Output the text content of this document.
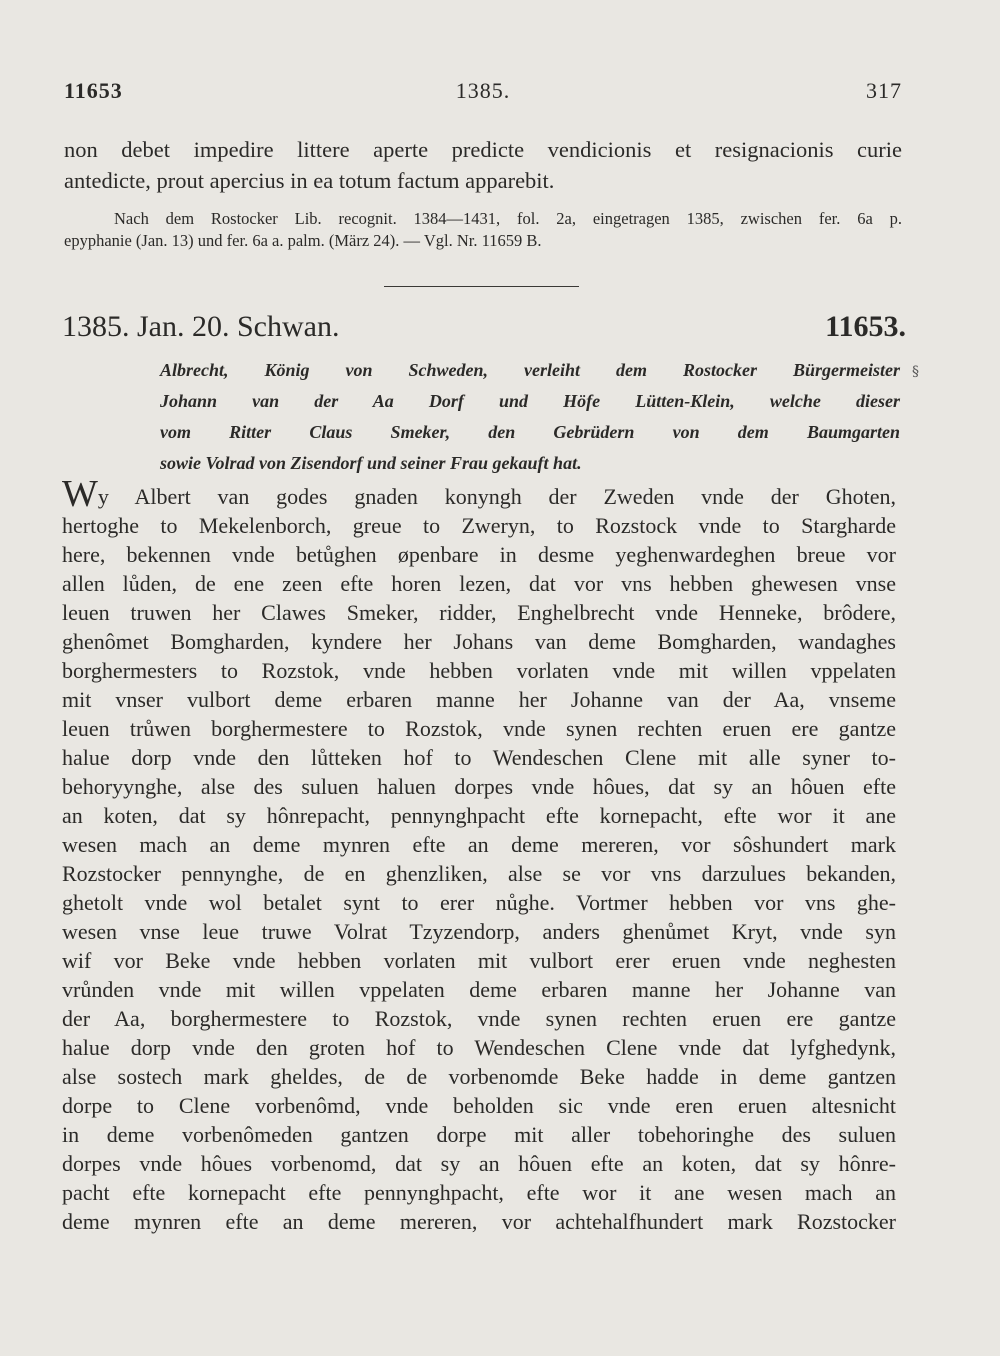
11653	1385.	317
non debet impedire littere aperte predicte vendicionis et resignacionis curie
antedicte, prout apercius in ea totum factum apparebit.
Nach dem Rostocker Lib. recognit. 1384—1431, fol. 2a, eingetragen 1385, zwischen fer. 6a p.
epyphanie (Jan. 13) und fer. 6a a. palm. (März 24). — Vgl. Nr. 11659 B.
1385. Jan. 20. Schwan.	11653.
§
Albrecht, König von Schweden, verleiht dem Rostocker Bürgermeister
Johann van der Aa Dorf und Höfe Lütten-Klein, welche dieser
vom Ritter Claus Smeker, den Gebrüdern von dem Baumgarten
sowie Volrad von Zisendorf und seiner Frau gekauft hat.
Wy Albert van godes gnaden konyngh der Zweden vnde der Ghoten,
hertoghe to Mekelenborch, greue to Zweryn, to Rozstock vnde to Stargharde
here, bekennen vnde betůghen øpenbare in desme yeghenwardeghen breue vor
allen lůden, de ene zeen efte horen lezen, dat vor vns hebben ghewesen vnse
leuen truwen her Clawes Smeker, ridder, Enghelbrecht vnde Henneke, brôdere,
ghenômet Bomgharden, kyndere her Johans van deme Bomgharden, wandaghes
borghermesters to Rozstok, vnde hebben vorlaten vnde mit willen vppelaten
mit vnser vulbort deme erbaren manne her Johanne van der Aa, vnseme
leuen trůwen borghermestere to Rozstok, vnde synen rechten eruen ere gantze
halue dorp vnde den lůtteken hof to Wendeschen Clene mit alle syner to-
behoryynghe, alse des suluen haluen dorpes vnde hôues, dat sy an hôuen efte
an koten, dat sy hônrepacht, pennynghpacht efte kornepacht, efte wor it ane
wesen mach an deme mynren efte an deme mereren, vor sôshundert mark
Rozstocker pennynghe, de en ghenzliken, alse se vor vns darzulues bekanden,
ghetolt vnde wol betalet synt to erer nůghe. Vortmer hebben vor vns ghe-
wesen vnse leue truwe Volrat Tzyzendorp, anders ghenůmet Kryt, vnde syn
wif vor Beke vnde hebben vorlaten mit vulbort erer eruen vnde neghesten
vrůnden vnde mit willen vppelaten deme erbaren manne her Johanne van
der Aa, borghermestere to Rozstok, vnde synen rechten eruen ere gantze
halue dorp vnde den groten hof to Wendeschen Clene vnde dat lyfghedynk,
alse sostech mark gheldes, de de vorbenomde Beke hadde in deme gantzen
dorpe to Clene vorbenômd, vnde beholden sic vnde eren eruen altesnicht
in deme vorbenômeden gantzen dorpe mit aller tobehoringhe des suluen
dorpes vnde hôues vorbenomd, dat sy an hôuen efte an koten, dat sy hônre-
pacht efte kornepacht efte pennynghpacht, efte wor it ane wesen mach an
deme mynren efte an deme mereren, vor achtehalfhundert mark Rozstocker
